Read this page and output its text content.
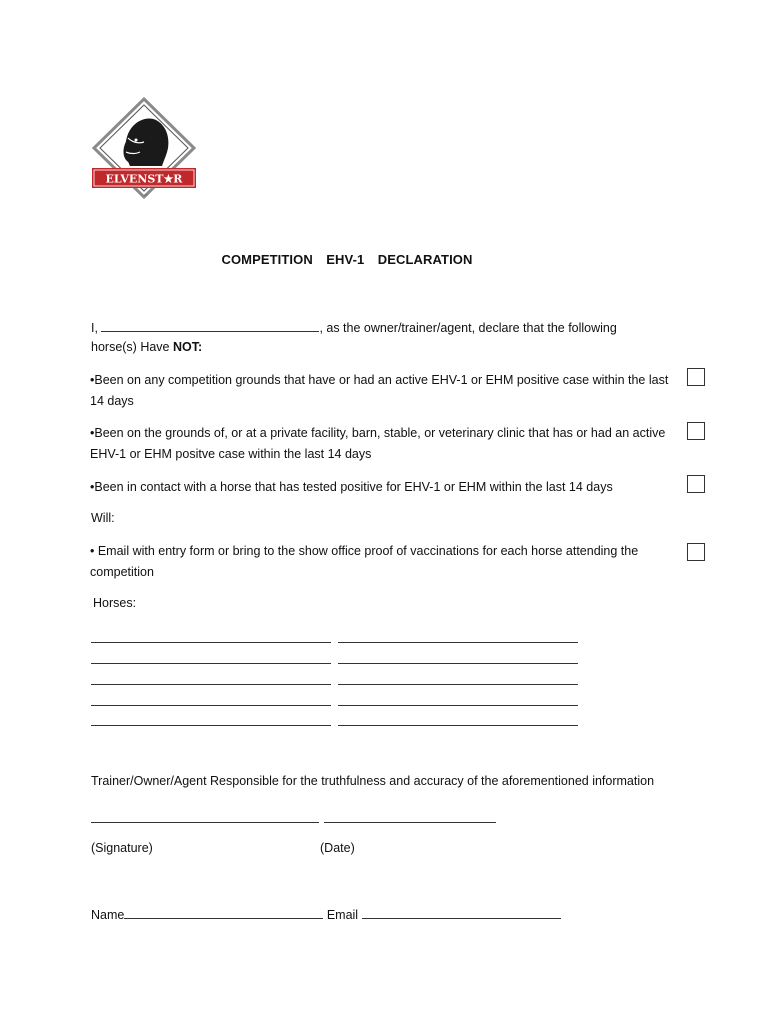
ELVENST★R
™
COMPETITION  EHV-1  DECLARATION
I,	, as the owner/trainer/agent, declare that the following
horse(s) Have NOT:
•Been on any competition grounds that have or had an active EHV-1 or EHM positive case within the last 14 days
•Been on the grounds of, or at a private facility, barn, stable, or veterinary clinic that has or had an active EHV-1 or EHM positve case within the last 14 days
•Been in contact with a horse that has tested positive for EHV-1 or EHM within the last 14 days
Will:
• Email with entry form or bring to the show office proof of vaccinations for each horse attending the competition
Horses:

Trainer/Owner/Agent Responsible for the truthfulness and accuracy of the aforementioned information

(Signature)	(Date)
Name	Email
